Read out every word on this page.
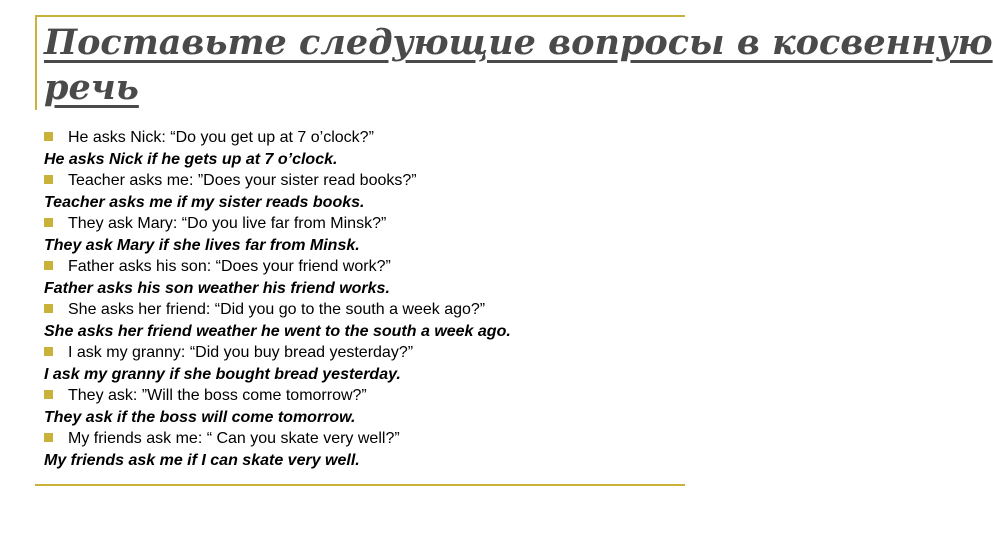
Поставьте следующие вопросы в косвенную
речь
He asks Nick: “Do you get up at 7 o’clock?”
He asks Nick if he gets up at 7 o’clock.
Teacher asks me: ”Does your sister read books?”
Teacher asks me if my sister reads books.
They ask Mary: “Do you live far from Minsk?”
They ask Mary if she lives far from Minsk.
Father asks his son: “Does your friend work?”
Father asks his son weather his friend works.
She asks her friend: “Did you go to the south a week ago?”
She asks her friend weather he went to the south a week ago.
I ask my granny: “Did you buy bread yesterday?”
I ask my granny if she bought bread yesterday.
They ask: ”Will the boss come tomorrow?”
They ask if the boss will come tomorrow.
My friends ask me: “ Can you skate very well?”
My friends ask me if I can skate very well.
